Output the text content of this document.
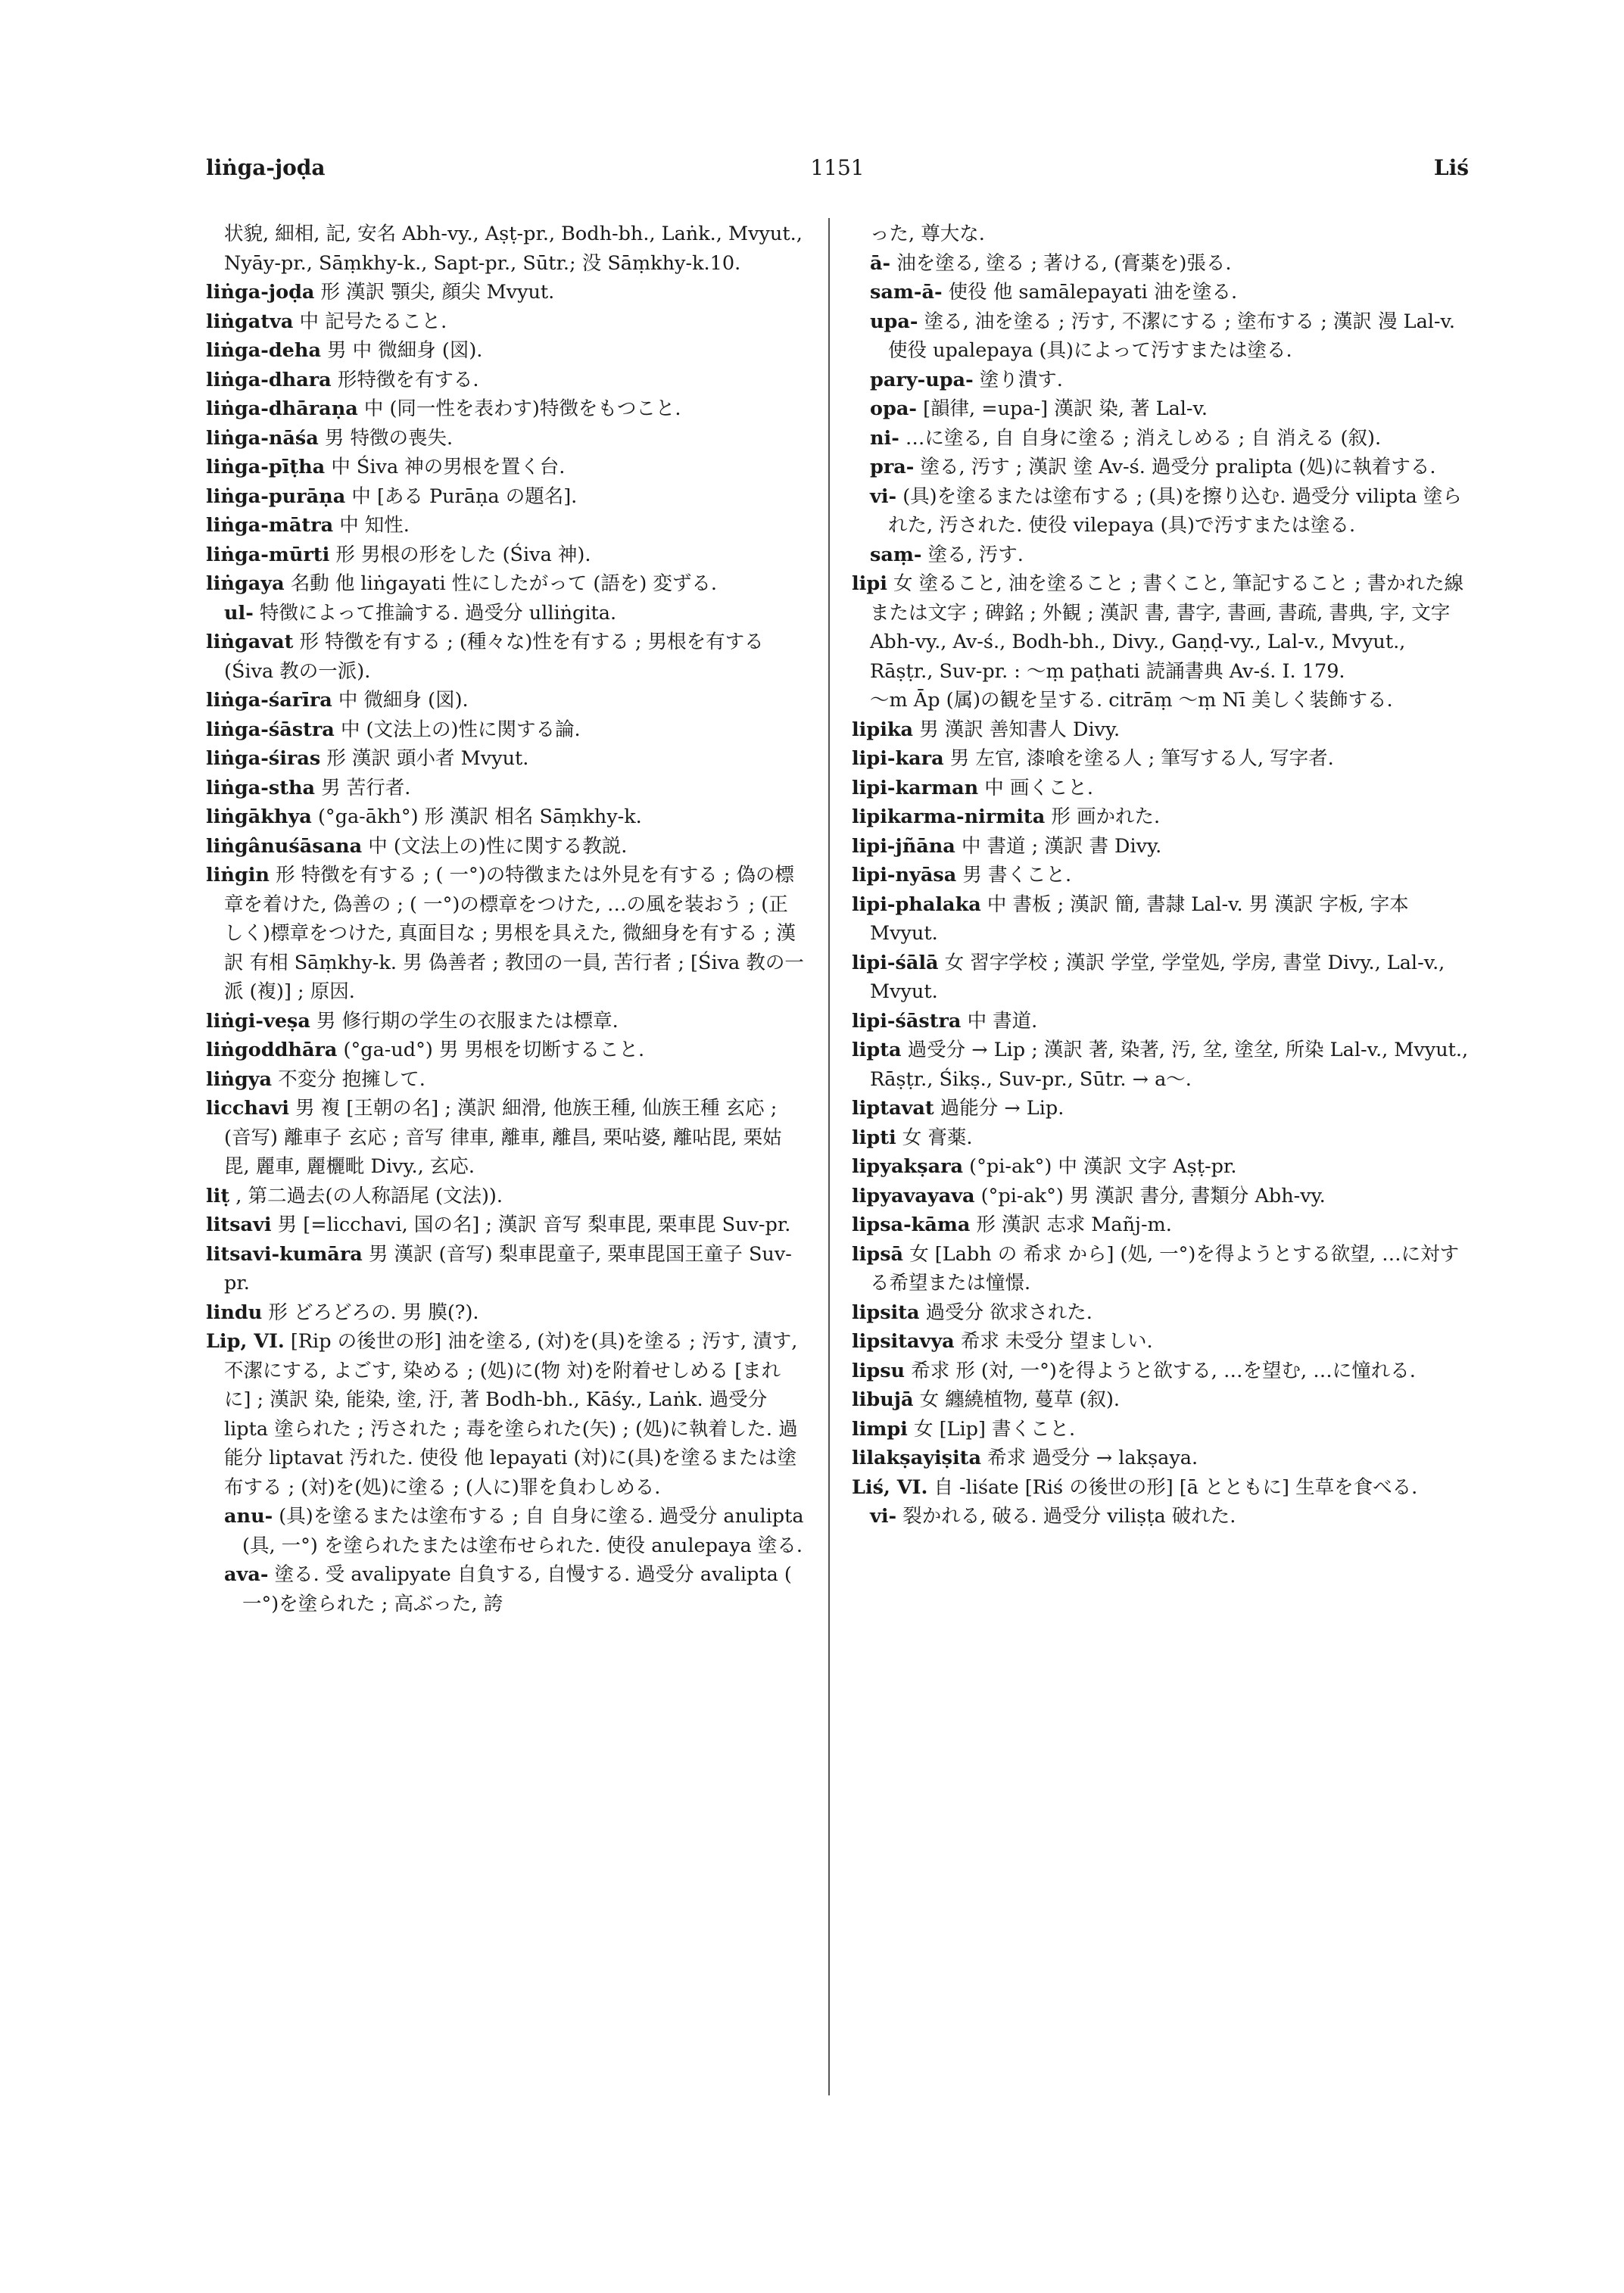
liṅga-joḍa	1151	Liś

状貌, 細相, 記, 安名 Abh-vy., Aṣṭ-pr., Bodh-bh., Laṅk., Mvyut., Nyāy-pr., Sāṃkhy-k., Sapt-pr., Sūtr.; 没 Sāṃkhy-k.10.

liṅga-joḍa 形 漢訳 顎尖, 顔尖 Mvyut.

liṅgatva 中 記号たること.

liṅga-deha 男 中 微細身 (図).

liṅga-dhara 形特徴を有する.

liṅga-dhāraṇa 中 (同一性を表わす)特徴をもつこと.

liṅga-nāśa 男 特徴の喪失.

liṅga-pīṭha 中 Śiva 神の男根を置く台.

liṅga-purāṇa 中 [ある Purāṇa の題名].

liṅga-mātra 中 知性.

liṅga-mūrti 形 男根の形をした (Śiva 神).

liṅgaya 名動 他 liṅgayati 性にしたがって (語を) 変ずる.

ul- 特徴によって推論する. 過受分 ulliṅgita.

liṅgavat 形 特徴を有する ; (種々な)性を有する ; 男根を有する (Śiva 教の一派).

liṅga-śarīra 中 微細身 (図).

liṅga-śāstra 中 (文法上の)性に関する論.

liṅga-śiras 形 漢訳 頭小者 Mvyut.

liṅga-stha 男 苦行者.

liṅgākhya (°ga-ākh°) 形 漢訳 相名 Sāṃkhy-k.

liṅgânuśāsana 中 (文法上の)性に関する教説.

liṅgin 形 特徴を有する ; ( 一°)の特徴または外見を有する ; 偽の標章を着けた, 偽善の ; ( 一°)の標章をつけた, …の風を装おう ; (正しく)標章をつけた, 真面目な ; 男根を具えた, 微細身を有する ; 漢訳 有相 Sāṃkhy-k. 男 偽善者 ; 教団の一員, 苦行者 ; [Śiva 教の一派 (複)] ; 原因.

liṅgi-veṣa 男 修行期の学生の衣服または標章.

liṅgoddhāra (°ga-ud°) 男 男根を切断すること.

liṅgya 不変分 抱擁して.

licchavi 男 複 [王朝の名] ; 漢訳 細滑, 他族王種, 仙族王種 玄応 ; (音写) 離車子 玄応 ; 音写 律車, 離車, 離昌, 栗呫婆, 離呫毘, 栗姑毘, 麗車, 麗欐毗 Divy., 玄応.

liṭ , 第二過去(の人称語尾 (文法)).

litsavi 男 [=licchavi, 国の名] ; 漢訳 音写 梨車毘, 栗車毘 Suv-pr.

litsavi-kumāra 男 漢訳 (音写) 梨車毘童子, 栗車毘国王童子 Suv-pr.

lindu 形 どろどろの. 男 膜(?).

Lip, VI. [Rip の後世の形] 油を塗る, (対)を(具)を塗る ; 汚す, 漬す, 不潔にする, よごす, 染める ; (処)に(物 対)を附着せしめる [まれに] ; 漢訳 染, 能染, 塗, 汙, 著 Bodh-bh., Kāśy., Laṅk. 過受分 lipta 塗られた ; 汚された ; 毒を塗られた(矢) ; (処)に執着した. 過能分 liptavat 汚れた. 使役 他 lepayati (対)に(具)を塗るまたは塗布する ; (対)を(処)に塗る ; (人に)罪を負わしめる.

anu- (具)を塗るまたは塗布する ; 自 自身に塗る. 過受分 anulipta (具, 一°) を塗られたまたは塗布せられた. 使役 anulepaya 塗る.

ava- 塗る. 受 avalipyate 自負する, 自慢する. 過受分 avalipta ( 一°)を塗られた ; 高ぶった, 誇

った, 尊大な.

ā- 油を塗る, 塗る ; 著ける, (膏薬を)張る.

sam-ā- 使役 他 samālepayati 油を塗る.

upa- 塗る, 油を塗る ; 汚す, 不潔にする ; 塗布する ; 漢訳 漫 Lal-v. 使役 upalepaya (具)によって汚すまたは塗る.

pary-upa- 塗り潰す.

opa- [韻律, =upa-] 漢訳 染, 著 Lal-v.

ni- …に塗る, 自 自身に塗る ; 消えしめる ; 自 消える (叙).

pra- 塗る, 汚す ; 漢訳 塗 Av-ś. 過受分 pralipta (処)に執着する.

vi- (具)を塗るまたは塗布する ; (具)を擦り込む. 過受分 vilipta 塗られた, 汚された. 使役 vilepaya (具)で汚すまたは塗る.

saṃ- 塗る, 汚す.

lipi 女 塗ること, 油を塗ること ; 書くこと, 筆記すること ; 書かれた線または文字 ; 碑銘 ; 外観 ; 漢訳 書, 書字, 書画, 書疏, 書典, 字, 文字 Abh-vy., Av-ś., Bodh-bh., Divy., Gaṇḍ-vy., Lal-v., Mvyut., Rāṣṭr., Suv-pr. : ～ṃ paṭhati 読誦書典 Av-ś. I. 179.

～m Āp (属)の観を呈する. citrāṃ ～ṃ Nī 美しく装飾する.

lipika 男 漢訳 善知書人 Divy.

lipi-kara 男 左官, 漆喰を塗る人 ; 筆写する人, 写字者.

lipi-karman 中 画くこと.

lipikarma-nirmita 形 画かれた.

lipi-jñāna 中 書道 ; 漢訳 書 Divy.

lipi-nyāsa 男 書くこと.

lipi-phalaka 中 書板 ; 漢訳 簡, 書隷 Lal-v. 男 漢訳 字板, 字本 Mvyut.

lipi-śālā 女 習字学校 ; 漢訳 学堂, 学堂処, 学房, 書堂 Divy., Lal-v., Mvyut.

lipi-śāstra 中 書道.

lipta 過受分 → Lip ; 漢訳 著, 染著, 汚, 坌, 塗坌, 所染 Lal-v., Mvyut., Rāṣṭr., Śikṣ., Suv-pr., Sūtr. → a～.

liptavat 過能分 → Lip.

lipti 女 膏薬.

lipyakṣara (°pi-ak°) 中 漢訳 文字 Aṣṭ-pr.

lipyavayava (°pi-ak°) 男 漢訳 書分, 書類分 Abh-vy.

lipsa-kāma 形 漢訳 志求 Mañj-m.

lipsā 女 [Labh の 希求 から] (処, 一°)を得ようとする欲望, …に対する希望または憧憬.

lipsita 過受分 欲求された.

lipsitavya 希求 未受分 望ましい.

lipsu 希求 形 (対, 一°)を得ようと欲する, …を望む, …に憧れる.

libujā 女 纏繞植物, 蔓草 (叙).

limpi 女 [Lip] 書くこと.

lilakṣayiṣita 希求 過受分 → lakṣaya.

Liś, VI. 自 -liśate [Riś の後世の形] [ā とともに] 生草を食べる.

vi- 裂かれる, 破る. 過受分 viliṣṭa 破れた.
